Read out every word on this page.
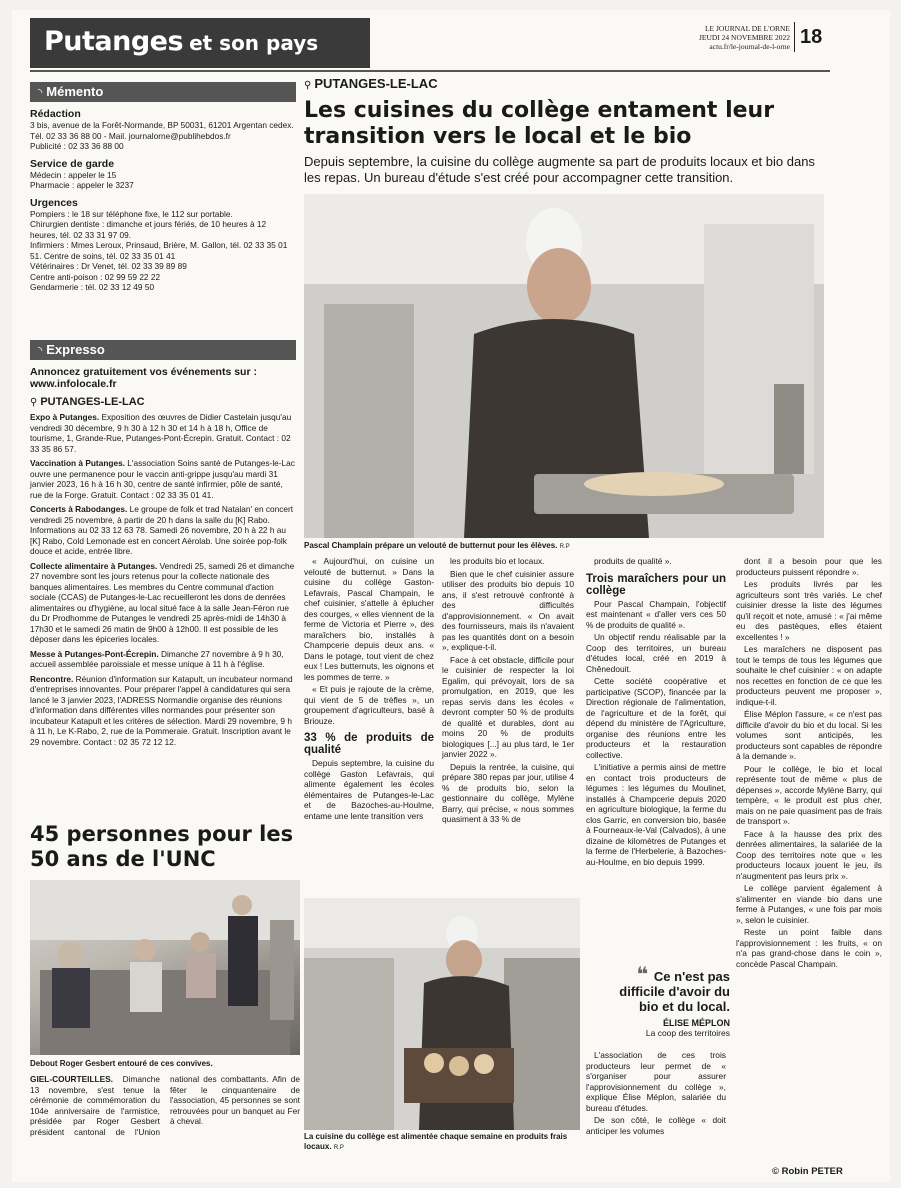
Putanges et son pays
LE JOURNAL DE L'ORNE
JEUDI 24 NOVEMBRE 2022
actu.fr/le-journal-de-l-orne 18
◝ Mémento
Rédaction
3 bis, avenue de la Forêt-Normande, BP 50031, 61201 Argentan cedex. Tél. 02 33 36 88 00 - Mail. journalorne@publihebdos.fr
Publicité : 02 33 36 88 00
Service de garde
Médecin : appeler le 15
Pharmacie : appeler le 3237
Urgences
Pompiers : le 18 sur téléphone fixe, le 112 sur portable.
Chirurgien dentiste : dimanche et jours fériés, de 10 heures à 12 heures, tél. 02 33 31 97 09.
Infirmiers : Mmes Leroux, Prinsaud, Brière, M. Gallon, tél. 02 33 35 01 51. Centre de soins, tél. 02 33 35 01 41
Vétérinaires : Dr Venet, tél. 02 33 39 89 89
Centre anti-poison : 02 99 59 22 22
Gendarmerie : tél. 02 33 12 49 50
◝ Expresso
Annoncez gratuitement vos événements sur :
www.infolocale.fr
⚲ PUTANGES-LE-LAC
Expo à Putanges. Exposition des œuvres de Didier Castelain jusqu'au vendredi 30 décembre, 9 h 30 à 12 h 30 et 14 h à 18 h, Office de tourisme, 1, Grande-Rue, Putanges-Pont-Écrepin. Gratuit. Contact : 02 33 35 86 57.
Vaccination à Putanges. L'association Soins santé de Putanges-le-Lac ouvre une permanence pour le vaccin anti-grippe jusqu'au mardi 31 janvier 2023, 16 h à 16 h 30, centre de santé infirmier, pôle de santé, rue de la Forge. Gratuit. Contact : 02 33 35 01 41.
Concerts à Rabodanges. Le groupe de folk et trad Natalan' en concert vendredi 25 novembre, à partir de 20 h dans la salle du [K] Rabo. Informations au 02 33 12 63 78. Samedi 26 novembre, 20 h à 22 h au [K] Rabo, Cold Lemonade est en concert Aérolab. Une soirée pop-folk douce et acide, entrée libre.
Collecte alimentaire à Putanges. Vendredi 25, samedi 26 et dimanche 27 novembre sont les jours retenus pour la collecte nationale des banques alimentaires. Les membres du Centre communal d'action sociale (CCAS) de Putanges-le-Lac recueilleront les dons de denrées alimentaires ou d'hygiène, au local situé face à la salle Jean-Féron rue du Dr Prodhomme de Putanges le vendredi 25 après-midi de 14h30 à 17h30 et le samedi 26 matin de 9h00 à 12h00. Il est possible de les déposer dans les épiceries locales.
Messe à Putanges-Pont-Écrepin. Dimanche 27 novembre à 9 h 30, accueil assemblée paroissiale et messe unique à 11 h à l'église.
Rencontre. Réunion d'information sur Katapult, un incubateur normand d'entreprises innovantes. Pour préparer l'appel à candidatures qui sera lancé le 3 janvier 2023, l'ADRESS Normandie organise des réunions d'information dans différentes villes normandes pour présenter son incubateur Katapult et les critères de sélection. Mardi 29 novembre, 9 h à 11 h, Le K-Rabo, 2, rue de la Pommeraie. Gratuit. Inscription avant le 29 novembre. Contact : 02 35 72 12 12.
45 personnes pour les 50 ans de l'UNC
Debout Roger Gesbert entouré de ces convives.
GIEL-COURTEILLES. Dimanche 13 novembre, s'est tenue la cérémonie de commémoration du 104e anniversaire de l'armistice, présidée par Roger Gesbert président cantonal de l'Union national des combattants. Afin de fêter le cinquantenaire de l'association, 45 personnes se sont retrouvées pour un banquet au Fer à cheval.
⚲ PUTANGES-LE-LAC
Les cuisines du collège entament leur transition vers le local et le bio
Depuis septembre, la cuisine du collège augmente sa part de produits locaux et bio dans les repas. Un bureau d'étude s'est créé pour accompagner cette transition.
Pascal Champlain prépare un velouté de butternut pour les élèves. R.P

« Aujourd'hui, on cuisine un velouté de butternut. » Dans la cuisine du collège Gaston-Lefavrais, Pascal Champain, le chef cuisinier, s'attelle à éplucher des courges, « elles viennent de la ferme de Victoria et Pierre », des maraîchers bio, installés à Champcerie depuis deux ans. « Dans le potage, tout vient de chez eux ! Les butternuts, les oignons et les pommes de terre. »

« Et puis je rajoute de la crème, qui vient de 5 de trèfles », un groupement d'agriculteurs, basé à Briouze.

33 % de produits de qualité

Depuis septembre, la cuisine du collège Gaston Lefavrais, qui alimente également les écoles élémentaires de Putanges-le-Lac et de Bazoches-au-Houlme, entame une lente transition vers

les produits bio et locaux.

Bien que le chef cuisinier assure utiliser des produits bio depuis 10 ans, il s'est retrouvé confronté à des difficultés d'approvisionnement. « On avait des fournisseurs, mais ils n'avaient pas les quantités dont on a besoin », explique-t-il.

Face à cet obstacle, difficile pour le cuisinier de respecter la loi Egalim, qui prévoyait, lors de sa promulgation, en 2019, que les repas servis dans les écoles « devront compter 50 % de produits de qualité et durables, dont au moins 20 % de produits biologiques [...] au plus tard, le 1er janvier 2022 ».

Depuis la rentrée, la cuisine, qui prépare 380 repas par jour, utilise 4 % de produits bio, selon la gestionnaire du collège, Mylène Barry, qui précise, « nous sommes quasiment à 33 % de

La cuisine du collège est alimentée chaque semaine en produits frais locaux. R.P

produits de qualité ».

Trois maraîchers pour un collège

Pour Pascal Champain, l'objectif est maintenant « d'aller vers ces 50 % de produits de qualité ».

Un objectif rendu réalisable par la Coop des territoires, un bureau d'études local, créé en 2019 à Chênedouit.

Cette société coopérative et participative (SCOP), financée par la Direction régionale de l'alimentation, de l'agriculture et de la forêt, qui dépend du ministère de l'Agriculture, organise des réunions entre les producteurs et la restauration collective.

L'initiative a permis ainsi de mettre en contact trois producteurs de légumes : les légumes du Moulinet, installés à Champcerie depuis 2020 en agriculture biologique, la ferme du clos Garric, en conversion bio, basée à Fourneaux-le-Val (Calvados), à une dizaine de kilomètres de Putanges et la ferme de l'Herbelerie, à Bazoches-au-Houlme, en bio depuis 1999.

❝ Ce n'est pas difficile d'avoir du bio et du local.
ÉLISE MÉPLON
La coop des territoires

L'association de ces trois producteurs leur permet de « s'organiser pour assurer l'approvisionnement du collège », explique Élise Méplon, salariée du bureau d'études.

De son côté, le collège « doit anticiper les volumes

dont il a besoin pour que les producteurs puissent répondre ».

Les produits livrés par les agriculteurs sont très variés. Le chef cuisinier dresse la liste des légumes qu'il reçoit et note, amusé : « j'ai même eu des pastèques, elles étaient excellentes ! »

Les maraîchers ne disposent pas tout le temps de tous les légumes que souhaite le chef cuisinier : « on adapte nos recettes en fonction de ce que les producteurs peuvent me proposer », indique-t-il.

Élise Méplon l'assure, « ce n'est pas difficile d'avoir du bio et du local. Si les volumes sont anticipés, les producteurs sont capables de répondre à la demande ».

Pour le collège, le bio et local représente tout de même « plus de dépenses », accorde Mylène Barry, qui tempère, « le produit est plus cher, mais on ne paie quasiment pas de frais de transport ».

Face à la hausse des prix des denrées alimentaires, la salariée de la Coop des territoires note que « les producteurs locaux jouent le jeu, ils n'augmentent pas leurs prix ».

Le collège parvient également à s'alimenter en viande bio dans une ferme à Putanges, « une fois par mois », selon le cuisinier.

Reste un point faible dans l'approvisionnement : les fruits, « on n'a pas grand-chose dans le coin », concède Pascal Champain.

© Robin PETER
